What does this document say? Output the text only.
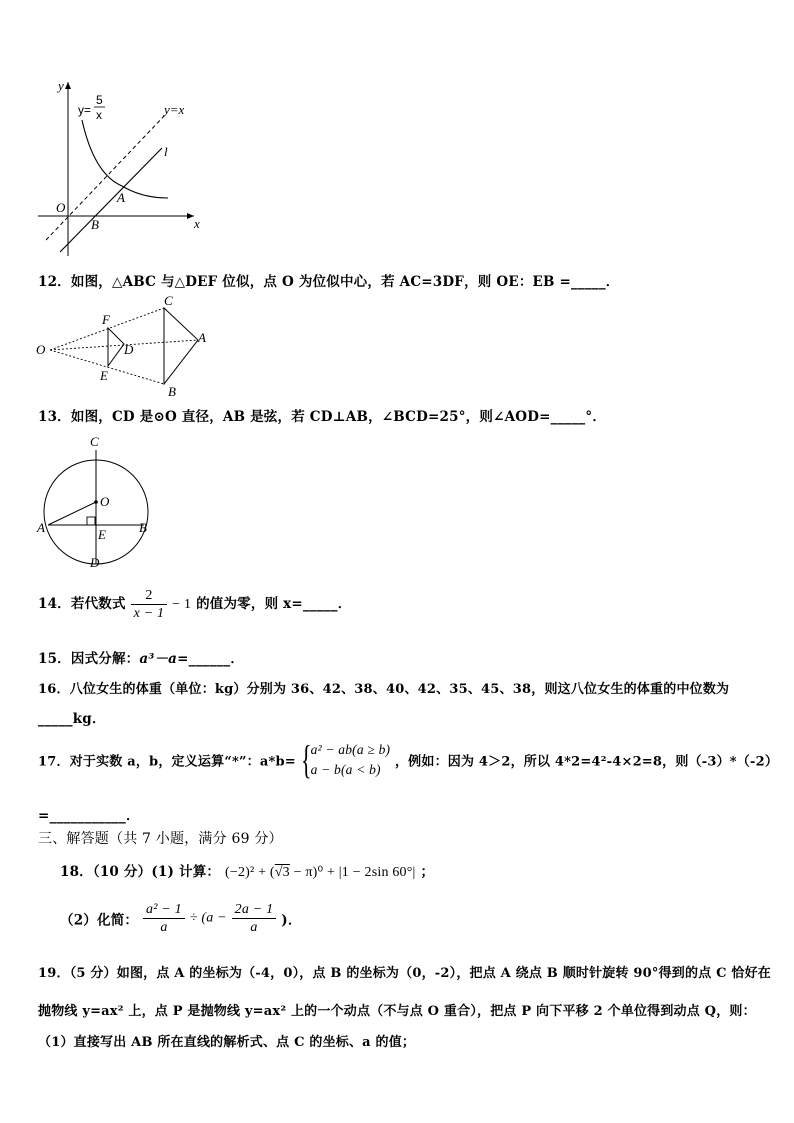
y
x
O
y=
5
x	y=x
l
A
B
12．如图，△ABC 与△DEF 位似，点 O 为位似中心，若 AC=3DF，则 OE：EB =_____．
O
F
D
E
C
A
B
13．如图，CD 是⊙O 直径，AB 是弦，若 CD⊥AB，∠BCD=25°，则∠AOD=_____°．
C
O
A	B
E
D
14．若代数式 $\frac{2}{x - 1} - 1$ 的值为零，则 x=_____．
15．因式分解：a³－a=______．
16．八位女生的体重（单位：kg）分别为 36、42、38、40、42、35、45、38，则这八位女生的体重的中位数为
_____kg．
17．对于实数 a，b，定义运算“*”：a*b= { a² − ab(a ≥ b)
a − b(a < b)	，例如：因为 4＞2，所以 4*2=4²-4×2=8，则（-3）*（-2）
=___________．
三、解答题（共 7 小题，满分 69 分）
18．（10 分）(1) 计算： (−2)² + (√3 − π)⁰ + |1 − 2sin 60°| ；
（2）化简： $\frac{\text{a² − 1}}{a} \div (a - \frac{2a - 1}{a}$ )．
19．（5 分）如图，点 A 的坐标为（-4，0），点 B 的坐标为（0，-2），把点 A 绕点 B 顺时针旋转 90°得到的点 C 恰好在
抛物线 y=ax² 上，点 P 是抛物线 y=ax² 上的一个动点（不与点 O 重合），把点 P 向下平移 2 个单位得到动点 Q，则：
（1）直接写出 AB 所在直线的解析式、点 C 的坐标、a 的值；
